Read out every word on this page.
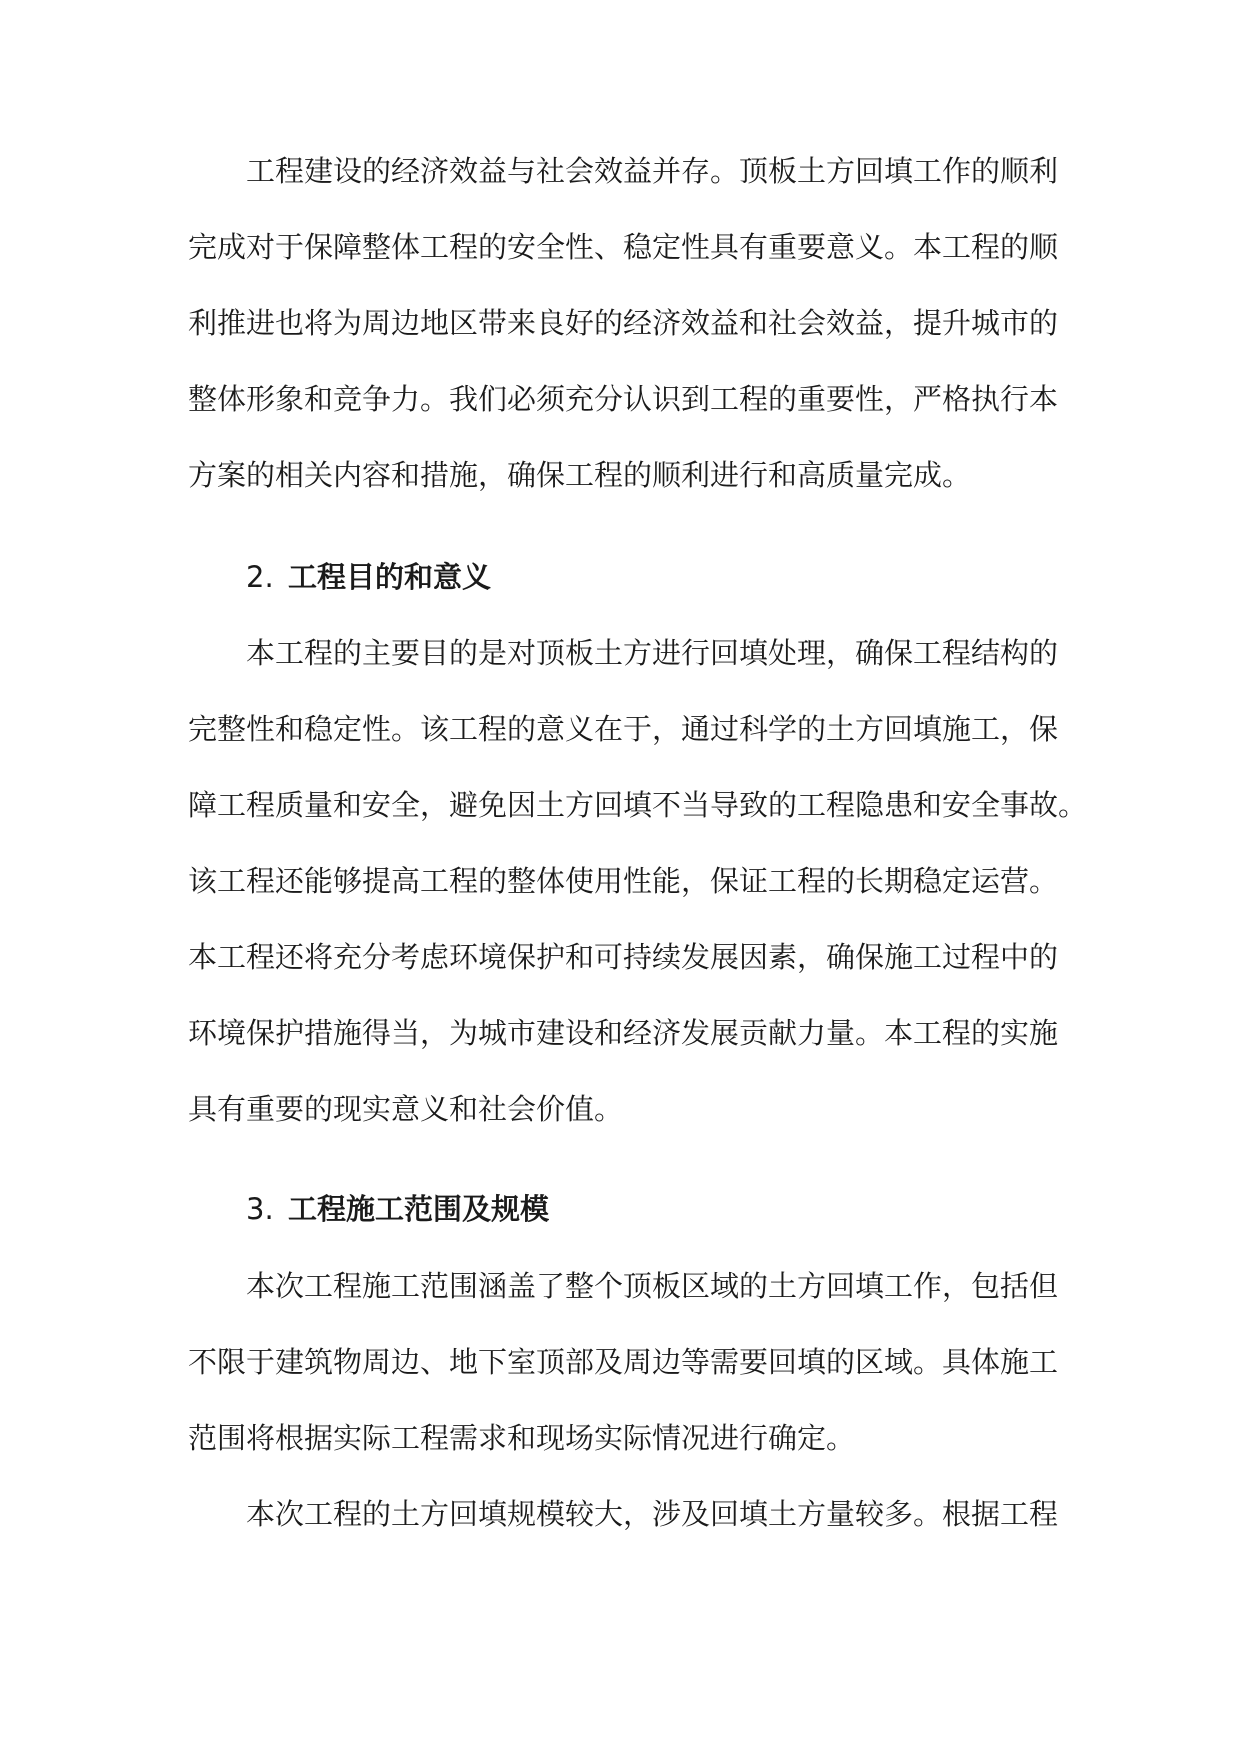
工程建设的经济效益与社会效益并存。顶板土方回填工作的顺利
完成对于保障整体工程的安全性、稳定性具有重要意义。本工程的顺
利推进也将为周边地区带来良好的经济效益和社会效益，提升城市的
整体形象和竞争力。我们必须充分认识到工程的重要性，严格执行本
方案的相关内容和措施，确保工程的顺利进行和高质量完成。
2. 工程目的和意义
本工程的主要目的是对顶板土方进行回填处理，确保工程结构的
完整性和稳定性。该工程的意义在于，通过科学的土方回填施工，保
障工程质量和安全，避免因土方回填不当导致的工程隐患和安全事故。
该工程还能够提高工程的整体使用性能，保证工程的长期稳定运营。
本工程还将充分考虑环境保护和可持续发展因素，确保施工过程中的
环境保护措施得当，为城市建设和经济发展贡献力量。本工程的实施
具有重要的现实意义和社会价值。
3. 工程施工范围及规模
本次工程施工范围涵盖了整个顶板区域的土方回填工作，包括但
不限于建筑物周边、地下室顶部及周边等需要回填的区域。具体施工
范围将根据实际工程需求和现场实际情况进行确定。
本次工程的土方回填规模较大，涉及回填土方量较多。根据工程
